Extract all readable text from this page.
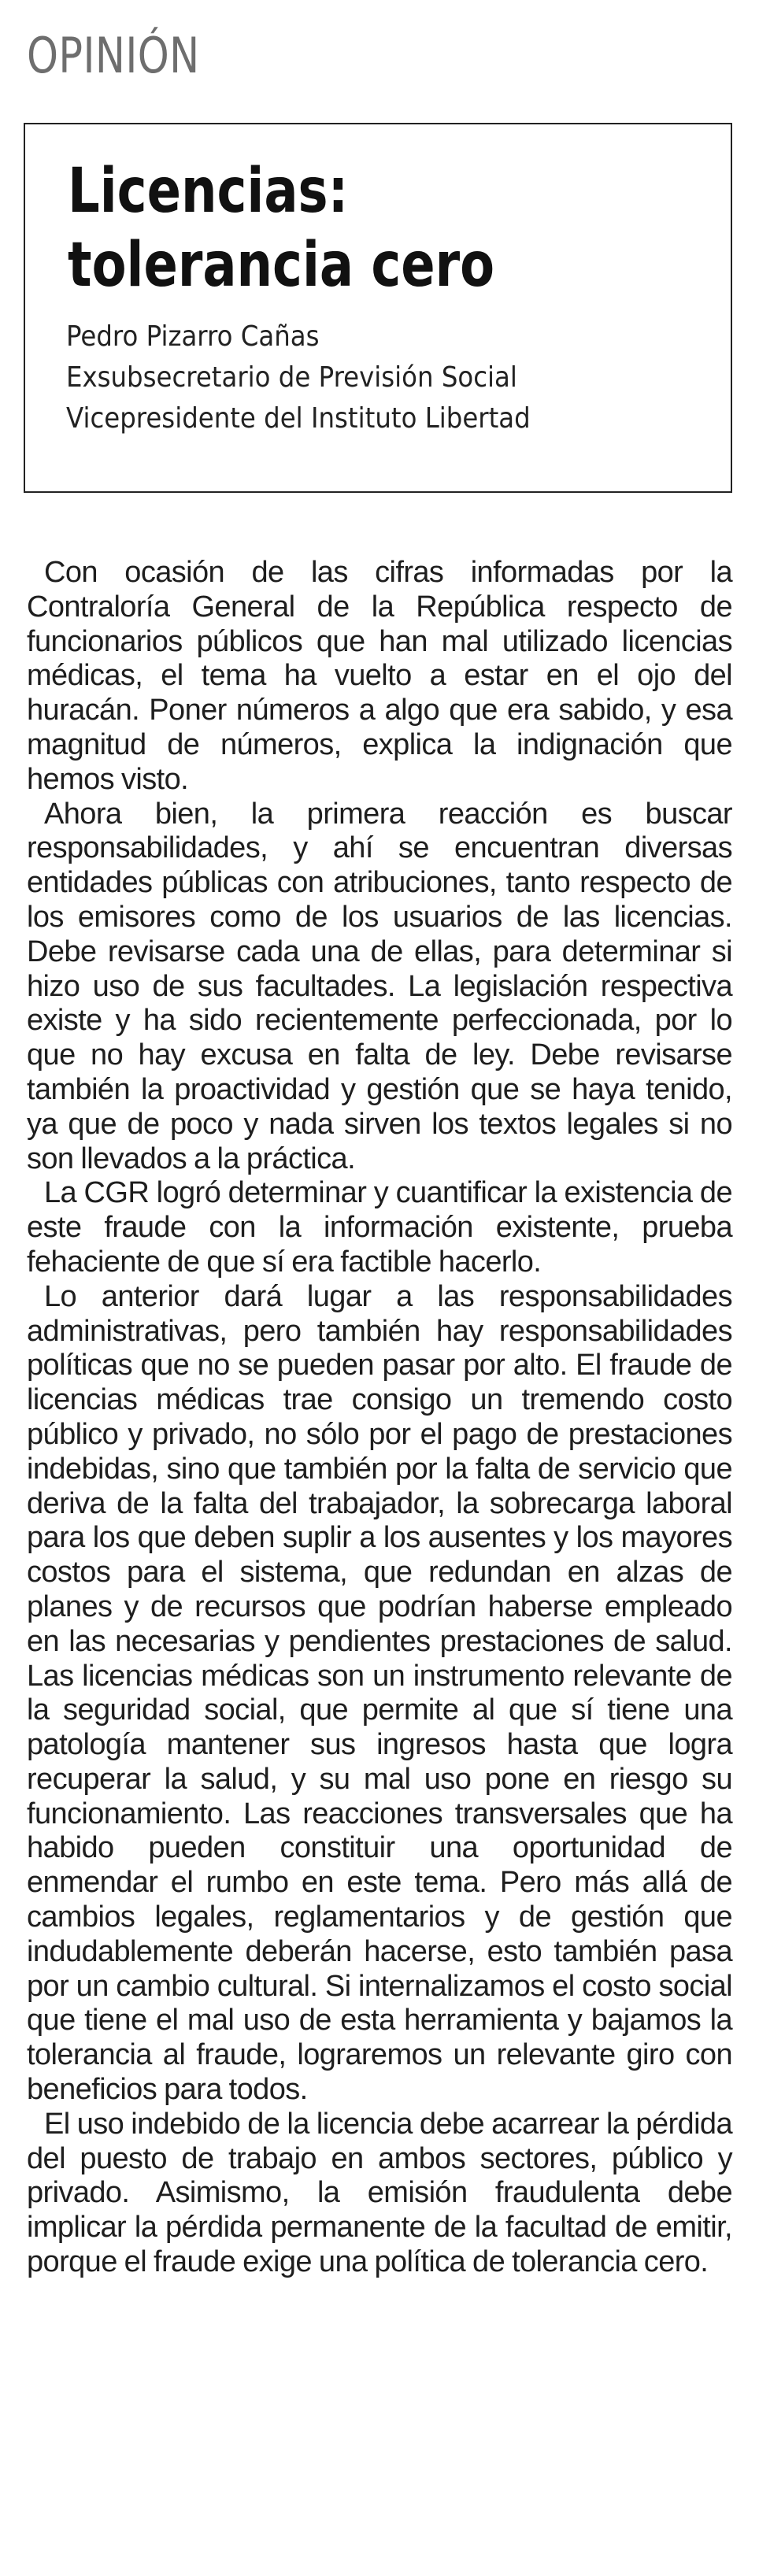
OPINIÓN
Licencias:
tolerancia cero
Pedro Pizarro Cañas
Exsubsecretario de Previsión Social
Vicepresidente del Instituto Libertad

Con ocasión de las cifras informadas por la Contraloría General de la República respecto de funcionarios públicos que han mal utilizado licencias médicas, el tema ha vuelto a estar en el ojo del huracán. Poner números a algo que era sabido, y esa magnitud de números, explica la indignación que hemos visto.

Ahora bien, la primera reacción es buscar responsabilidades, y ahí se encuentran diversas entidades públicas con atribuciones, tanto respecto de los emisores como de los usuarios de las licencias. Debe revisarse cada una de ellas, para determinar si hizo uso de sus facultades. La legislación respectiva existe y ha sido recientemente perfeccionada, por lo que no hay excusa en falta de ley. Debe revisarse también la proactividad y gestión que se haya tenido, ya que de poco y nada sirven los textos legales si no son llevados a la práctica.

La CGR logró determinar y cuantificar la existencia de este fraude con la información existente, prueba fehaciente de que sí era factible hacerlo.

Lo anterior dará lugar a las responsabilidades administrativas, pero también hay responsabilidades políticas que no se pueden pasar por alto. El fraude de licencias médicas trae consigo un tremendo costo público y privado, no sólo por el pago de prestaciones indebidas, sino que también por la falta de servicio que deriva de la falta del trabajador, la sobrecarga laboral para los que deben suplir a los ausentes y los mayores costos para el sistema, que redundan en alzas de planes y de recursos que podrían haberse empleado en las necesarias y pendientes prestaciones de salud. Las licencias médicas son un instrumento relevante de la seguridad social, que permite al que sí tiene una patología mantener sus ingresos hasta que logra recuperar la salud, y su mal uso pone en riesgo su funcionamiento. Las reacciones transversales que ha habido pueden constituir una oportunidad de enmendar el rumbo en este tema. Pero más allá de cambios legales, reglamentarios y de gestión que indudablemente deberán hacerse, esto también pasa por un cambio cultural. Si internalizamos el costo social que tiene el mal uso de esta herramienta y bajamos la tolerancia al fraude, lograremos un relevante giro con beneficios para todos.

El uso indebido de la licencia debe acarrear la pérdida del puesto de trabajo en ambos sectores, público y privado. Asimismo, la emisión fraudulenta debe implicar la pérdida permanente de la facultad de emitir, porque el fraude exige una política de tolerancia cero.
